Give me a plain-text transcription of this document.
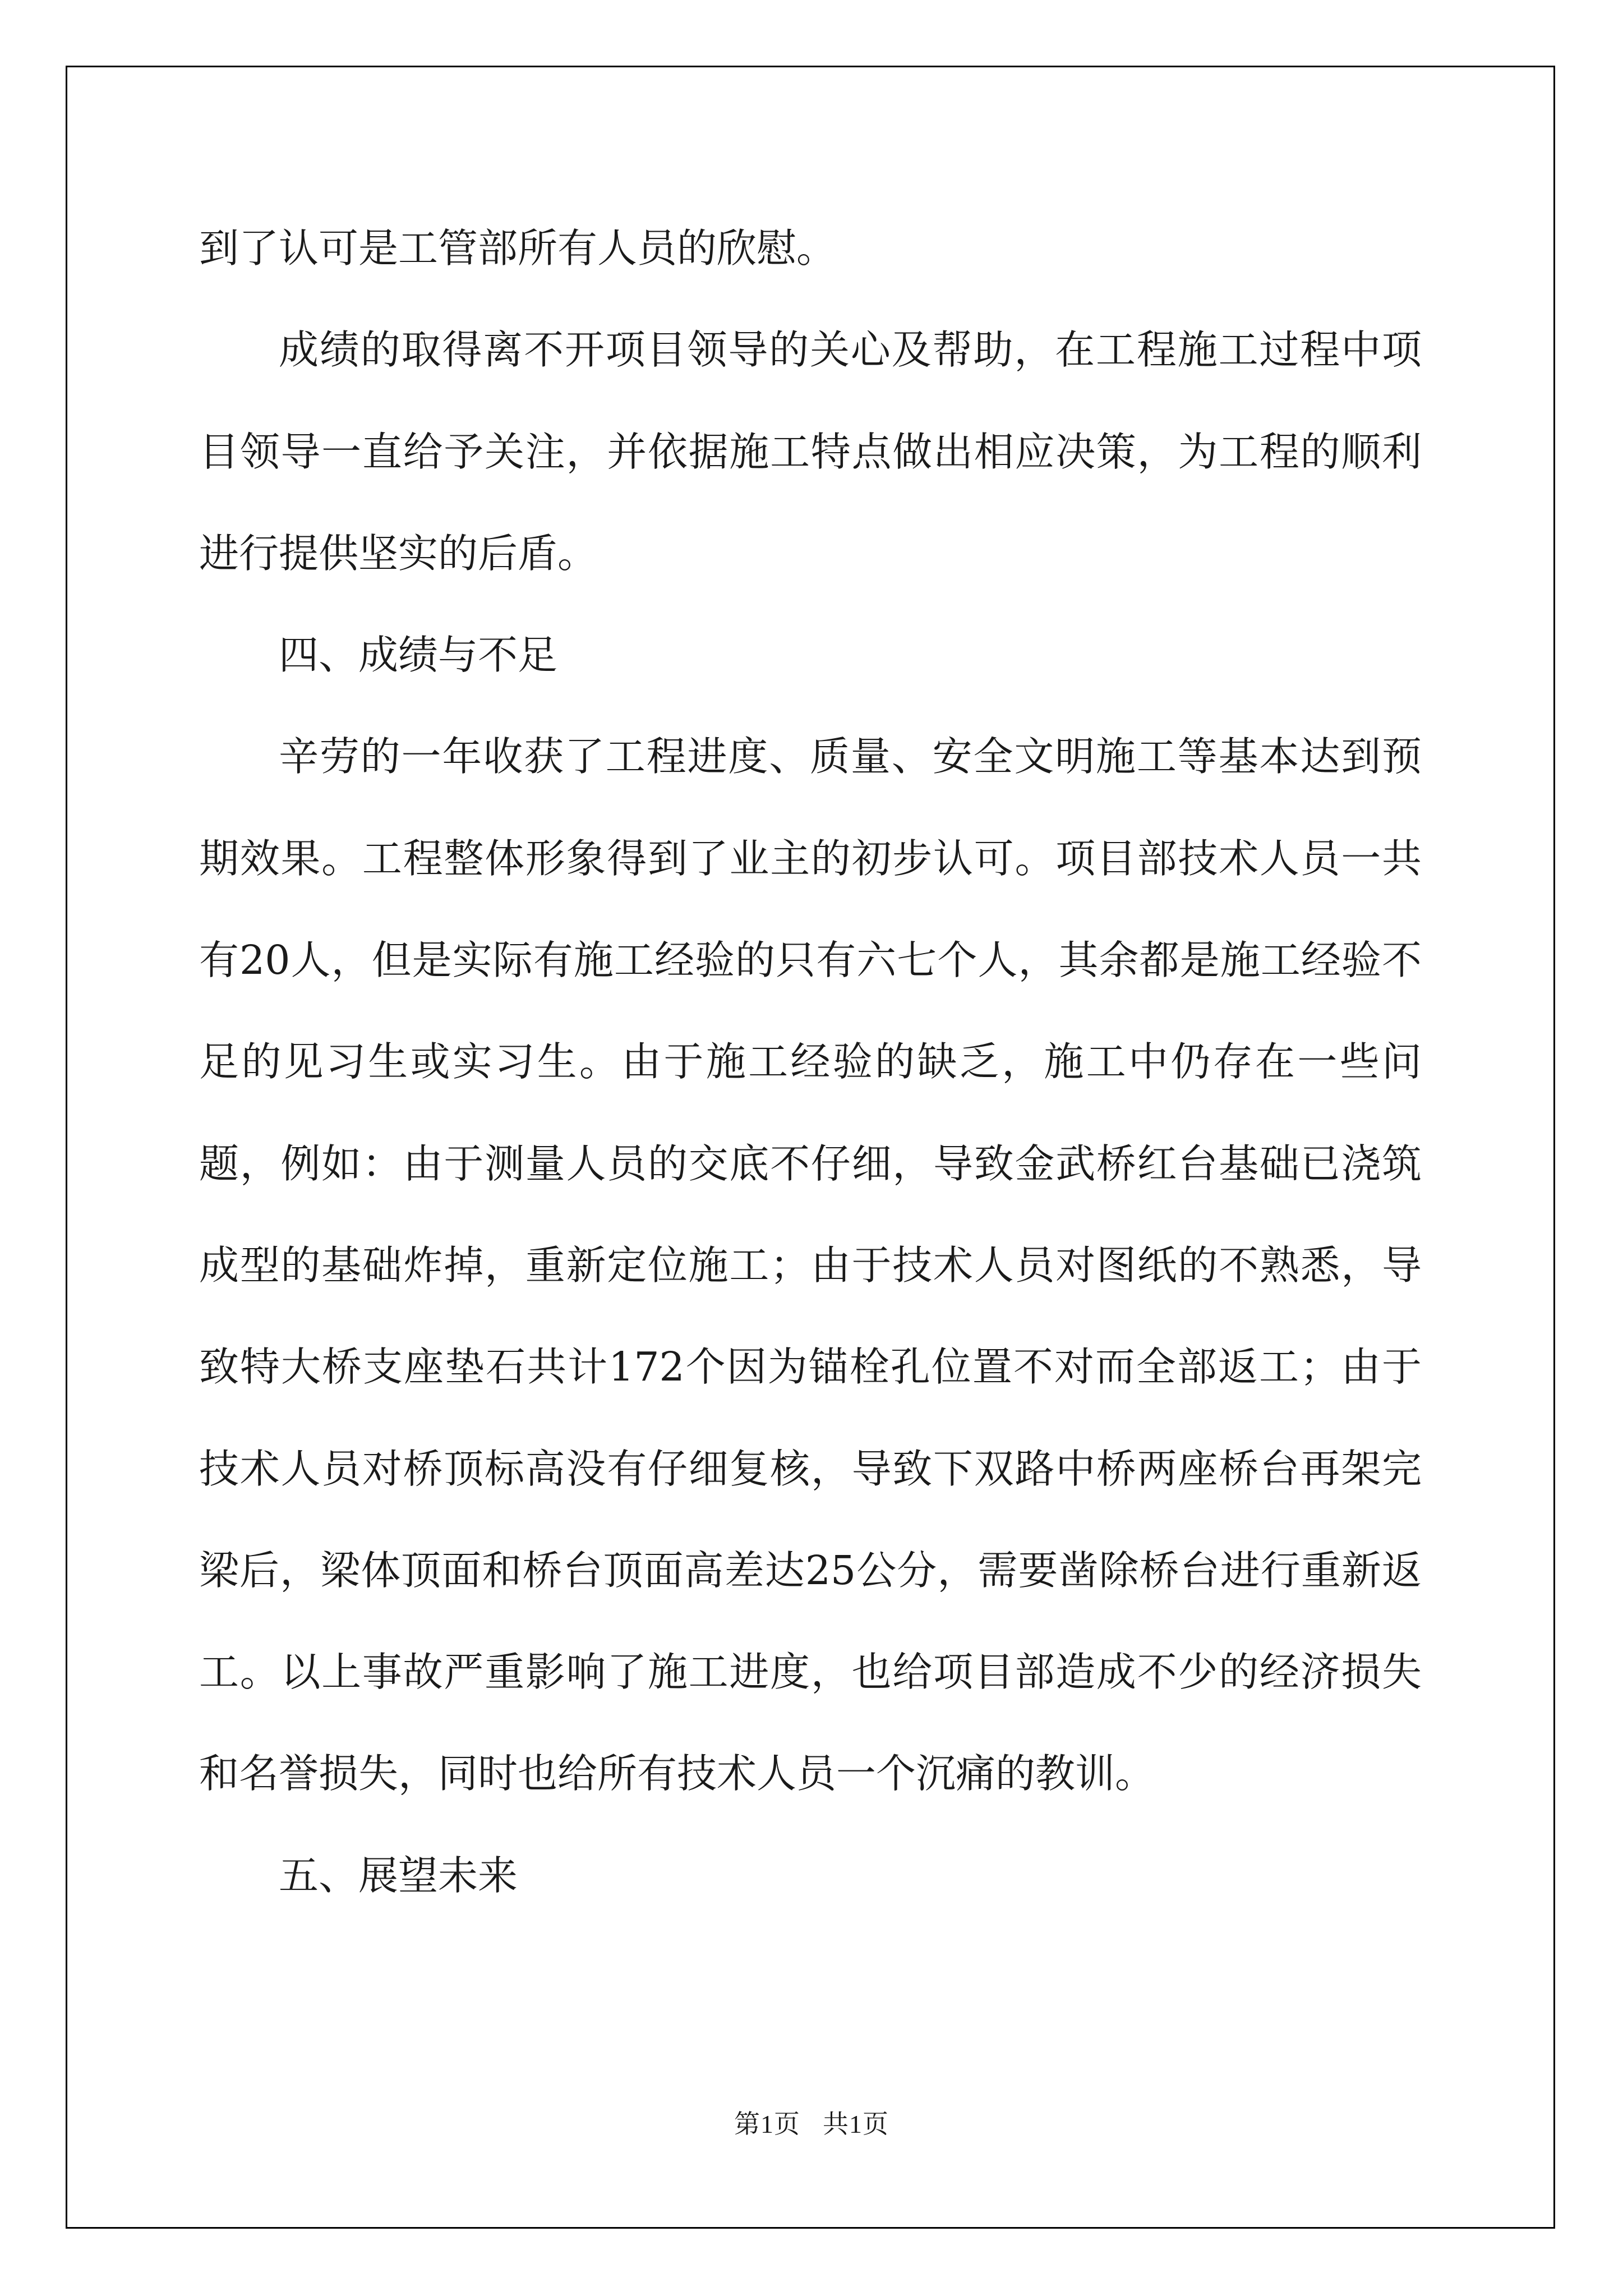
到了认可是工管部所有人员的欣慰。

成绩的取得离不开项目领导的关心及帮助，在工程施工过程中项目领导一直给予关注，并依据施工特点做出相应决策，为工程的顺利进行提供坚实的后盾。

四、成绩与不足

辛劳的一年收获了工程进度、质量、安全文明施工等基本达到预期效果。工程整体形象得到了业主的初步认可。项目部技术人员一共有20人，但是实际有施工经验的只有六七个人，其余都是施工经验不足的见习生或实习生。由于施工经验的缺乏，施工中仍存在一些问题，例如：由于测量人员的交底不仔细，导致金武桥红台基础已浇筑成型的基础炸掉，重新定位施工；由于技术人员对图纸的不熟悉，导致特大桥支座垫石共计172个因为锚栓孔位置不对而全部返工；由于技术人员对桥顶标高没有仔细复核，导致下双路中桥两座桥台再架完梁后，梁体顶面和桥台顶面高差达25公分，需要凿除桥台进行重新返工。以上事故严重影响了施工进度，也给项目部造成不少的经济损失和名誉损失，同时也给所有技术人员一个沉痛的教训。

五、展望未来

第1页 共1页
